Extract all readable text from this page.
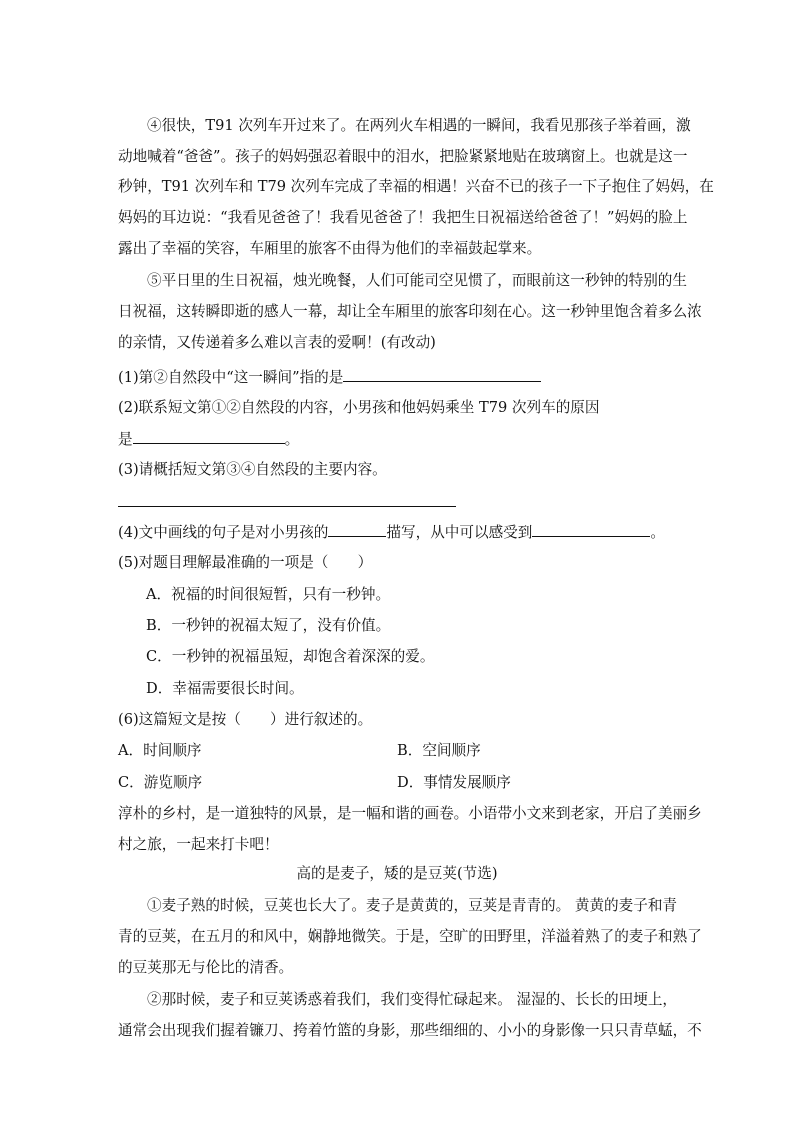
④很快，T91 次列车开过来了。在两列火车相遇的一瞬间，我看见那孩子举着画，激
动地喊着“爸爸”。孩子的妈妈强忍着眼中的泪水，把脸紧紧地贴在玻璃窗上。也就是这一
秒钟，T91 次列车和 T79 次列车完成了幸福的相遇！兴奋不已的孩子一下子抱住了妈妈，在
妈妈的耳边说：“我看见爸爸了！我看见爸爸了！我把生日祝福送给爸爸了！”妈妈的脸上
露出了幸福的笑容，车厢里的旅客不由得为他们的幸福鼓起掌来。
⑤平日里的生日祝福，烛光晚餐，人们可能司空见惯了，而眼前这一秒钟的特别的生
日祝福，这转瞬即逝的感人一幕，却让全车厢里的旅客印刻在心。这一秒钟里饱含着多么浓
的亲情，又传递着多么难以言表的爱啊！(有改动)
(1)第②自然段中“这一瞬间”指的是
(2)联系短文第①②自然段的内容，小男孩和他妈妈乘坐 T79 次列车的原因
是	。
(3)请概括短文第③④自然段的主要内容。
(4)文中画线的句子是对小男孩的	描写，从中可以感受到	。
(5)对题目理解最准确的一项是（　　）
A．祝福的时间很短暂，只有一秒钟。
B．一秒钟的祝福太短了，没有价值。
C．一秒钟的祝福虽短，却饱含着深深的爱。
D．幸福需要很长时间。
(6)这篇短文是按（　　）进行叙述的。
A．时间顺序	B．空间顺序
C．游览顺序	D．事情发展顺序
淳朴的乡村，是一道独特的风景，是一幅和谐的画卷。小语带小文来到老家，开启了美丽乡
村之旅，一起来打卡吧！
高的是麦子，矮的是豆荚(节选)
①麦子熟的时候，豆荚也长大了。麦子是黄黄的，豆荚是青青的。 黄黄的麦子和青
青的豆荚，在五月的和风中，娴静地微笑。于是，空旷的田野里，洋溢着熟了的麦子和熟了
的豆荚那无与伦比的清香。
②那时候，麦子和豆荚诱惑着我们，我们变得忙碌起来。 湿湿的、长长的田埂上，
通常会出现我们握着镰刀、挎着竹篮的身影，那些细细的、小小的身影像一只只青草蜢，不
